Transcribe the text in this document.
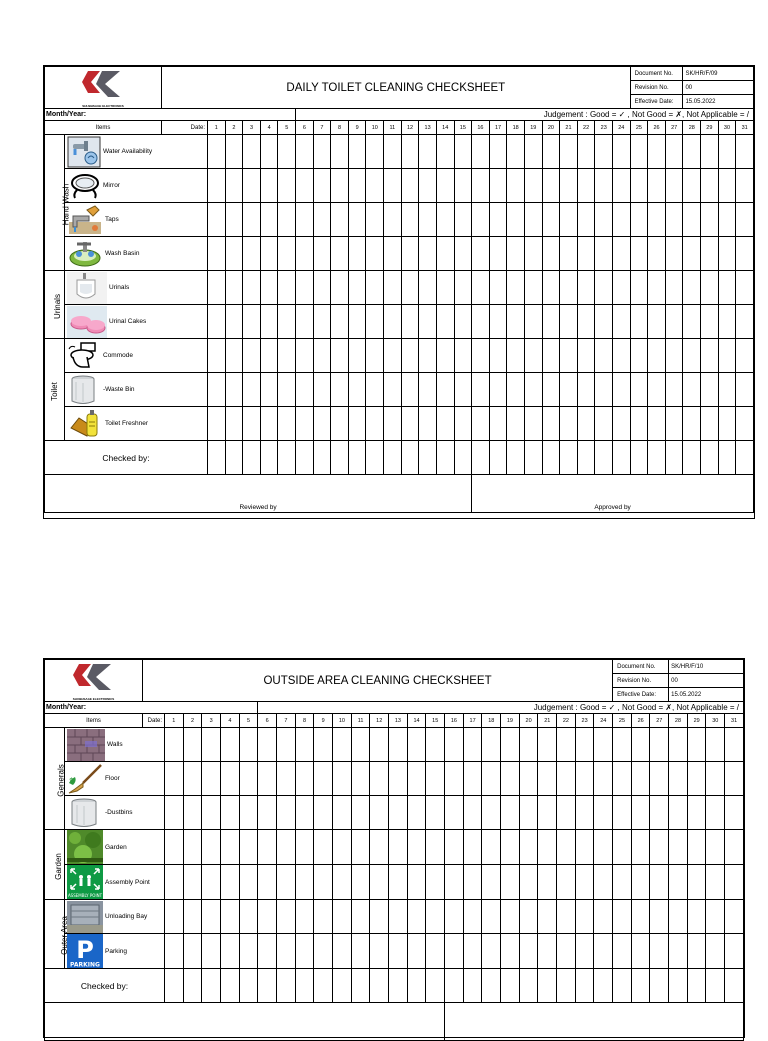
SHUBHSAGE ELECTRONICS		DAILY TOILET CLEANING CHECKSHEET																									Document No.			SK/HR/F/09			
																											Revision No.			00			
																											Effective Date:			15.05.2022			
Month/Year:								Judgement : Good = ✓ , Not Good = ✗, Not Applicable = /																									
Items		Date:	1	2	3	4	5	6	7	8	9	10	11	12	13	14	15	16	17	18	19	20	21	22	23	24	25	26	27	28	29	30	31
Hand Wash	Water Availability																																

	Mirror																																

	Taps																																

	Wash Basin																																

Urinals	Urinals																																

	Urinal Cakes																																

Toilet	Commode																																

	-Waste Bin																																

	Toilet Freshner																																

Checked by:																																	
Reviewed by																		Approved by															
SHUBHSAGE ELECTRONICS		OUTSIDE AREA CLEANING CHECKSHEET																									Document No.			SK/HR/F/10			
																											Revision No.			00			
																											Effective Date:			15.05.2022			
Month/Year:								Judgement : Good = ✓ , Not Good = ✗, Not Applicable = /																									
Items		Date:	1	2	3	4	5	6	7	8	9	10	11	12	13	14	15	16	17	18	19	20	21	22	23	24	25	26	27	28	29	30	31
Generals	Walls																																

$ Floor																																

	-Dustbins																																

Garden	Garden																																

ASSEMBLY POINT
Assembly Point																																

Outer Area	Unloading Bay																																

P
PARKING
Parking																																

Checked by:																																	
